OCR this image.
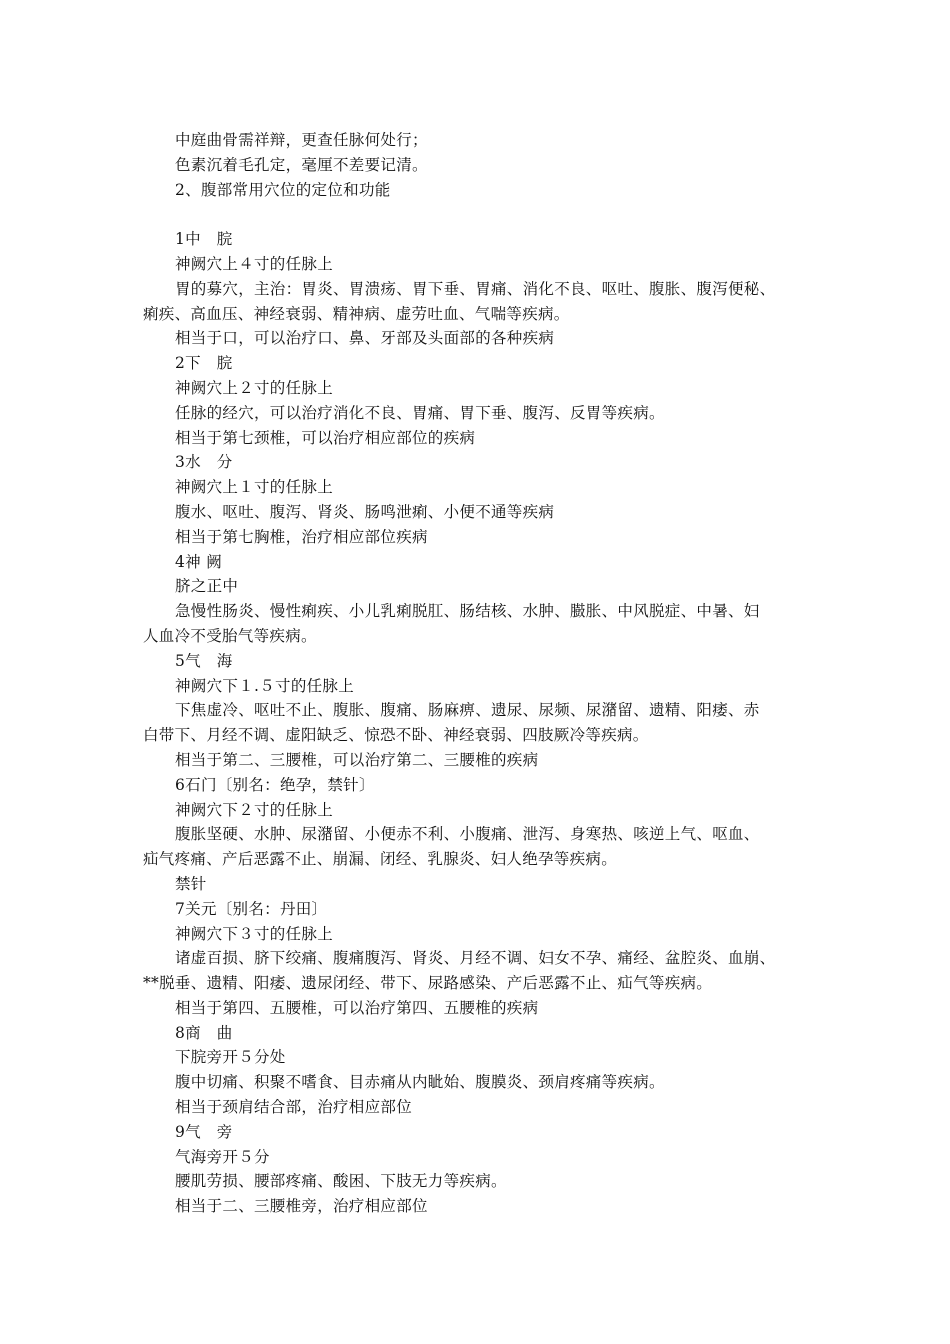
中庭曲骨需祥辩，更查任脉何处行；
色素沉着毛孔定，毫厘不差要记清。
2、腹部常用穴位的定位和功能
1中　脘
神阙穴上４寸的任脉上
胃的募穴，主治：胃炎、胃溃疡、胃下垂、胃痛、消化不良、呕吐、腹胀、腹泻便秘、
痢疾、高血压、神经衰弱、精神病、虚劳吐血、气喘等疾病。
相当于口，可以治疗口、鼻、牙部及头面部的各种疾病
2下　脘
神阙穴上２寸的任脉上
任脉的经穴，可以治疗消化不良、胃痛、胃下垂、腹泻、反胃等疾病。
相当于第七颈椎，可以治疗相应部位的疾病
3水　分
神阙穴上１寸的任脉上
腹水、呕吐、腹泻、肾炎、肠鸣泄痢、小便不通等疾病
相当于第七胸椎，治疗相应部位疾病
4神 阙
脐之正中
急慢性肠炎、慢性痢疾、小儿乳痢脱肛、肠结核、水肿、臌胀、中风脱症、中暑、妇
人血冷不受胎气等疾病。
5气　海
神阙穴下１.５寸的任脉上
下焦虚冷、呕吐不止、腹胀、腹痛、肠麻痹、遗尿、尿频、尿潴留、遗精、阳痿、赤
白带下、月经不调、虚阳缺乏、惊恐不卧、神经衰弱、四肢厥冷等疾病。
相当于第二、三腰椎，可以治疗第二、三腰椎的疾病
6石门〔别名：绝孕，禁针〕
神阙穴下２寸的任脉上
腹胀坚硬、水肿、尿潴留、小便赤不利、小腹痛、泄泻、身寒热、咳逆上气、呕血、
疝气疼痛、产后恶露不止、崩漏、闭经、乳腺炎、妇人绝孕等疾病。
禁针
7关元〔别名：丹田〕
神阙穴下３寸的任脉上
诸虚百损、脐下绞痛、腹痛腹泻、肾炎、月经不调、妇女不孕、痛经、盆腔炎、血崩、
**脱垂、遗精、阳痿、遗尿闭经、带下、尿路感染、产后恶露不止、疝气等疾病。
相当于第四、五腰椎，可以治疗第四、五腰椎的疾病
8商　曲
下脘旁开５分处
腹中切痛、积聚不嗜食、目赤痛从内眦始、腹膜炎、颈肩疼痛等疾病。
相当于颈肩结合部，治疗相应部位
9气　旁
气海旁开５分
腰肌劳损、腰部疼痛、酸困、下肢无力等疾病。
相当于二、三腰椎旁，治疗相应部位
